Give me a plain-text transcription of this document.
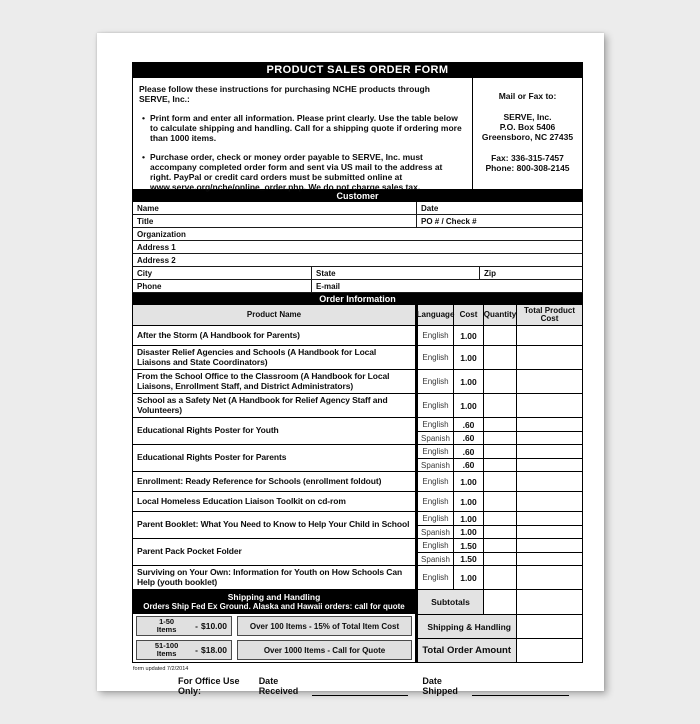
PRODUCT SALES ORDER FORM
Please follow these instructions for purchasing NCHE products through SERVE, Inc.:
• Print form and enter all information. Please print clearly. Use the table below to calculate shipping and handling. Call for a shipping quote if ordering more than 1000 items.
• Purchase order, check or money order payable to SERVE, Inc. must accompany completed order form and sent via US mail to the address at right. PayPal or credit card orders must be submitted online at www.serve.org/nche/online_order.php. We do not charge sales tax.
Mail or Fax to:
SERVE, Inc.
P.O. Box 5406
Greensboro, NC 27435
Fax: 336-315-7457
Phone: 800-308-2145
Customer
Name	Date
Title	PO # / Check #
Organization
Address 1
Address 2
City	State	Zip
Phone	E-mail
Order Information
Product Name	Language Cost Quantity Total Product Cost
After the Storm (A Handbook for Parents)	English	1.00
Disaster Relief Agencies and Schools (A Handbook for Local Liaisons and State Coordinators)	English	1.00
From the School Office to the Classroom (A Handbook for Local Liaisons, Enrollment Staff, and District Administrators)	English	1.00
School as a Safety Net (A Handbook for Relief Agency Staff and Volunteers)	English	1.00
Educational Rights Poster for Youth
English	.60
Spanish	.60
Educational Rights Poster for Parents
English	.60
Spanish	.60
Enrollment: Ready Reference for Schools (enrollment foldout)	English	1.00
Local Homeless Education Liaison Toolkit on cd-rom	English	1.00
Parent Booklet: What You Need to Know to Help Your Child in School
English	1.00
Spanish	1.00
Parent Pack Pocket Folder
English	1.50
Spanish	1.50
Surviving on Your Own: Information for Youth on How Schools Can Help (youth booklet)	English	1.00
Shipping and Handling
Orders Ship Fed Ex Ground. Alaska and Hawaii orders: call for quote
1-50
Items	- $10.00	Over 100 Items - 15% of Total Item Cost
51-100
Items	- $18.00	Over 1000 Items - Call for Quote
Subtotals
Shipping & Handling
Total Order Amount
form updated 7/2/2014
For Office Use Only:
Date Received
Date Shipped
